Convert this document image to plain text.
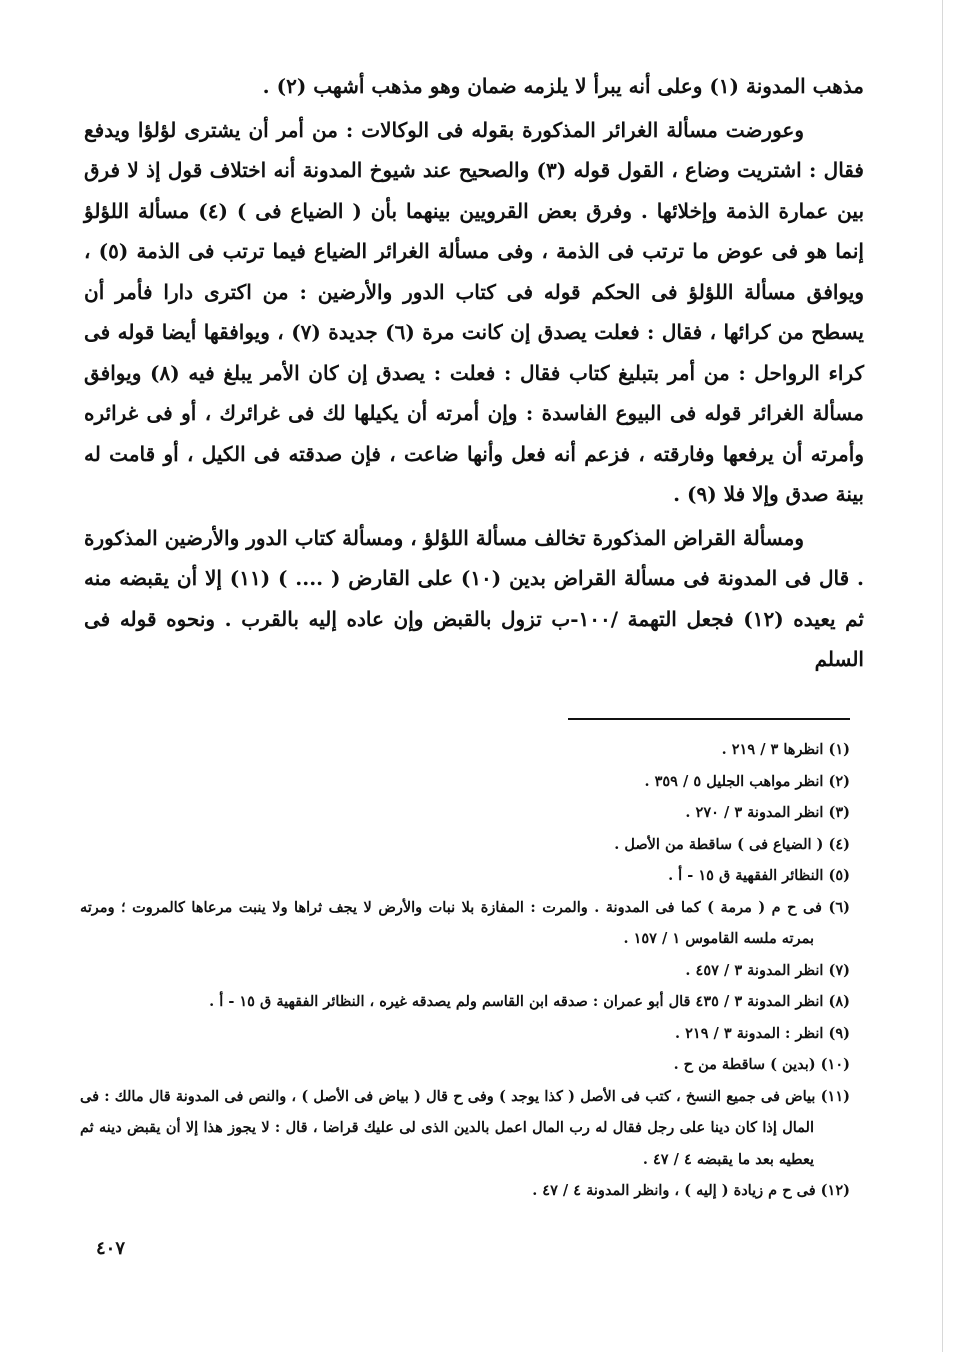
مذهب المدونة (١) وعلى أنه يبرأ لا يلزمه ضمان وهو مذهب أشهب (٢) .

وعورضت مسألة الغرائر المذكورة بقوله فى الوكالات : من أمر أن يشترى لؤلؤا ويدفع فقال : اشتريت وضاع ، القول قوله (٣) والصحيح عند شيوخ المدونة أنه اختلاف قول إذ لا فرق بين عمارة الذمة وإخلائها . وفرق بعض القرويين بينهما بأن ( الضياع فى ) (٤) مسألة اللؤلؤ إنما هو فى عوض ما ترتب فى الذمة ، وفى مسألة الغرائر الضياع فيما ترتب فى الذمة (٥) ، ويوافق مسألة اللؤلؤ فى الحكم قوله فى كتاب الدور والأرضين : من اكترى دارا فأمر أن يسطح من كرائها ، فقال : فعلت يصدق إن كانت مرة (٦) جديدة (٧) ، ويوافقها أيضا قوله فى كراء الرواحل : من أمر بتبليغ كتاب فقال : فعلت : يصدق إن كان الأمر يبلغ فيه (٨) ويوافق مسألة الغرائر قوله فى البيوع الفاسدة : وإن أمرته أن يكيلها لك فى غرائرك ، أو فى غرائره وأمرته أن يرفعها وفارقته ، فزعم أنه فعل وأنها ضاعت ، فإن صدقته فى الكيل ، أو قامت له بينة صدق وإلا فلا (٩) .

ومسألة القراض المذكورة تخالف مسألة اللؤلؤ ، ومسألة كتاب الدور والأرضين المذكورة . قال فى المدونة فى مسألة القراض بدين (١٠) على القارض ( .... ) (١١) إلا أن يقبضه منه ثم يعيده (١٢) فجعل التهمة /١٠٠-ب تزول بالقبض وإن عاده إليه بالقرب . ونحوه قوله فى السلم

(١) انظرها ٣ / ٢١٩ .

(٢) انظر مواهب الجليل ٥ / ٣٥٩ .

(٣) انظر المدونة ٣ / ٢٧٠ .

(٤) ( الضياع فى ) ساقطة من الأصل .

(٥) النظائر الفقهية ق ١٥ - أ .

(٦) فى ح م ( مرمة ) كما فى المدونة . والمرت : المفازة بلا نبات والأرض لا يجف ثراها ولا ينبت مرعاها كالمروت ؛ ومرته بمرته ملسه القاموس ١ / ١٥٧ .

(٧) انظر المدونة ٣ / ٤٥٧ .

(٨) انظر المدونة ٣ / ٤٣٥ قال أبو عمران : صدقه ابن القاسم ولم يصدقه غيره ، النظائر الفقهية ق ١٥ - أ .

(٩) انظر : المدونة ٣ / ٢١٩ .

(١٠) (بدين ) ساقطة من ح .

(١١) بياض فى جميع النسخ ، كتب فى الأصل ( كذا يوجد ) وفى ح قال ( بياض فى الأصل ) ، والنص فى المدونة قال مالك : فى المال إذا كان دينا على رجل فقال له رب المال اعمل بالدين الذى لى عليك قراضا ، قال : لا يجوز هذا إلا أن يقبض دينه ثم يعطيه بعد ما يقبضه ٤ / ٤٧ .

(١٢) فى ح م زيادة ( إليه ) ، وانظر المدونة ٤ / ٤٧ .

٤٠٧
